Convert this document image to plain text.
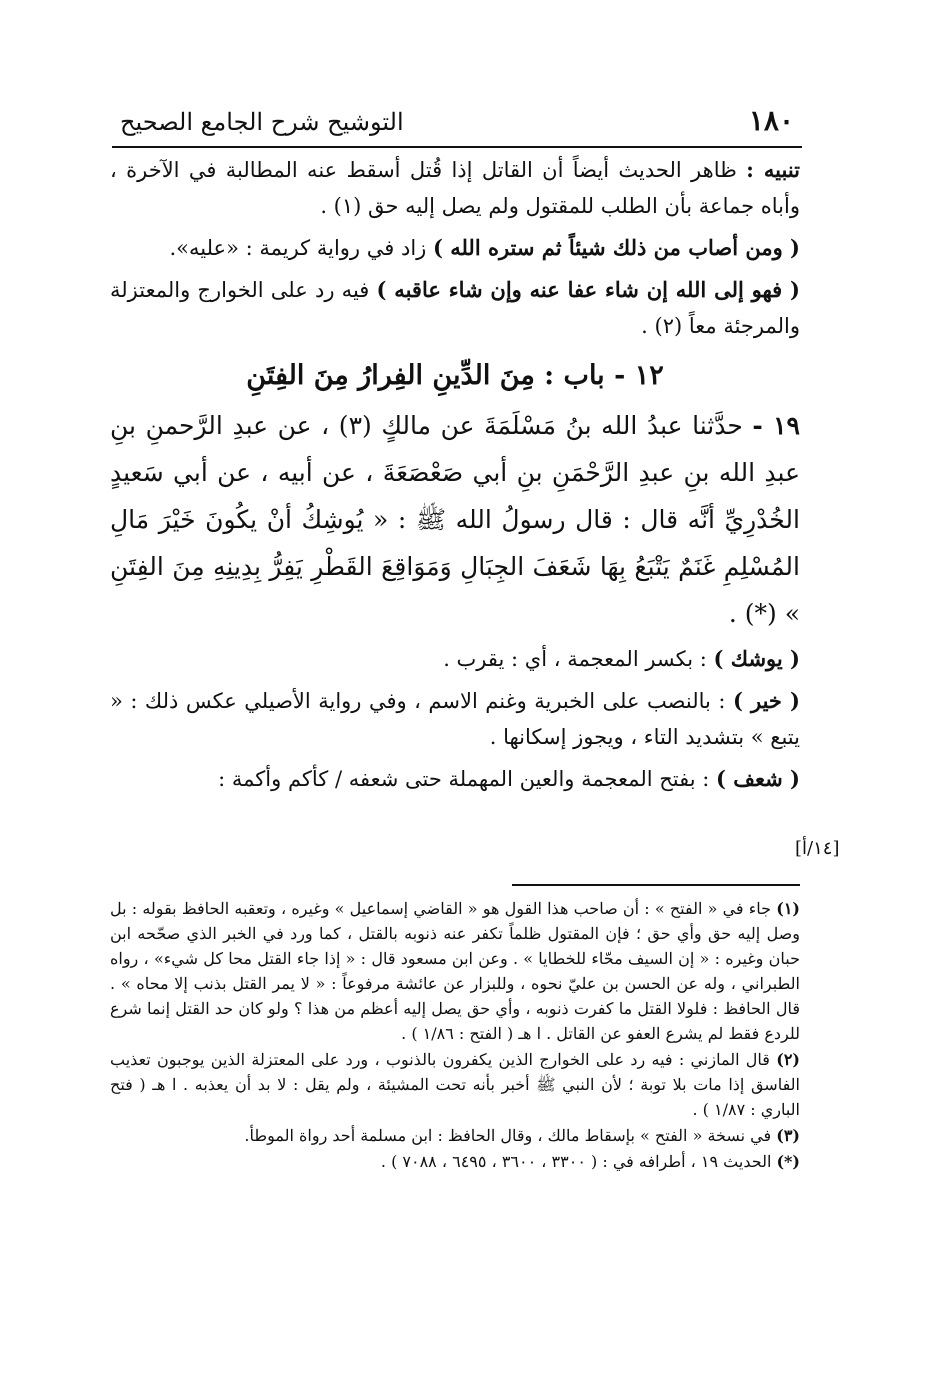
١٨٠
التوشيح شرح الجامع الصحيح

تنبيه : ظاهر الحديث أيضاً أن القاتل إذا قُتل أسقط عنه المطالبة في الآخرة ، وأباه جماعة بأن الطلب للمقتول ولم يصل إليه حق (١) .

( ومن أصاب من ذلك شيئاً ثم ستره الله ) زاد في رواية كريمة : «عليه».

( فهو إلى الله إن شاء عفا عنه وإن شاء عاقبه ) فيه رد على الخوارج والمعتزلة والمرجئة معاً (٢) .

١٢ - باب : مِنَ الدِّينِ الفِرارُ مِنَ الفِتَنِ

١٩ - حدَّثنا عبدُ الله بنُ مَسْلَمَةَ عن مالكٍ (٣) ، عن عبدِ الرَّحمنِ بنِ عبدِ الله بنِ عبدِ الرَّحْمَنِ بنِ أبي صَعْصَعَةَ ، عن أبيه ، عن أبي سَعيدٍ الخُدْرِيِّ أنَّه قال : قال رسولُ الله ﷺ : « يُوشِكُ أنْ يكُونَ خَيْرَ مَالِ المُسْلِمِ غَنَمٌ يَتْبَعُ بِهَا شَعَفَ الجِبَالِ وَمَوَاقِعَ القَطْرِ يَفِرُّ بِدِينِهِ مِنَ الفِتَنِ » (*) .

( يوشك ) : بكسر المعجمة ، أي : يقرب .

( خير ) : بالنصب على الخبرية وغنم الاسم ، وفي رواية الأصيلي عكس ذلك : « يتبع » بتشديد التاء ، ويجوز إسكانها .

( شعف ) : بفتح المعجمة والعين المهملة حتى شعفه / كأكم وأكمة :

[١٤/أ]

(١) جاء في « الفتح » : أن صاحب هذا القول هو « القاضي إسماعيل » وغيره ، وتعقبه الحافظ بقوله : بل وصل إليه حق وأي حق ؛ فإن المقتول ظلماً تكفر عنه ذنوبه بالقتل ، كما ورد في الخبر الذي صحّحه ابن حبان وغيره : « إن السيف محّاء للخطايا » . وعن ابن مسعود قال : « إذا جاء القتل محا كل شيء» ، رواه الطبراني ، وله عن الحسن بن عليّ نحوه ، وللبزار عن عائشة مرفوعاً : « لا يمر القتل بذنب إلا محاه » . قال الحافظ : فلولا القتل ما كفرت ذنوبه ، وأي حق يصل إليه أعظم من هذا ؟ ولو كان حد القتل إنما شرع للردع فقط لم يشرع العفو عن القاتل . ا هـ ( الفتح : ١/٨٦ ) .

(٢) قال المازني : فيه رد على الخوارج الذين يكفرون بالذنوب ، ورد على المعتزلة الذين يوجبون تعذيب الفاسق إذا مات بلا توبة ؛ لأن النبي ﷺ أخبر بأنه تحت المشيئة ، ولم يقل : لا بد أن يعذبه . ا هـ ( فتح الباري : ١/٨٧ ) .

(٣) في نسخة « الفتح » بإسقاط مالك ، وقال الحافظ : ابن مسلمة أحد رواة الموطأ.

(*) الحديث ١٩ ، أطرافه في : ( ٣٣٠٠ ، ٣٦٠٠ ، ٦٤٩٥ ، ٧٠٨٨ ) .
